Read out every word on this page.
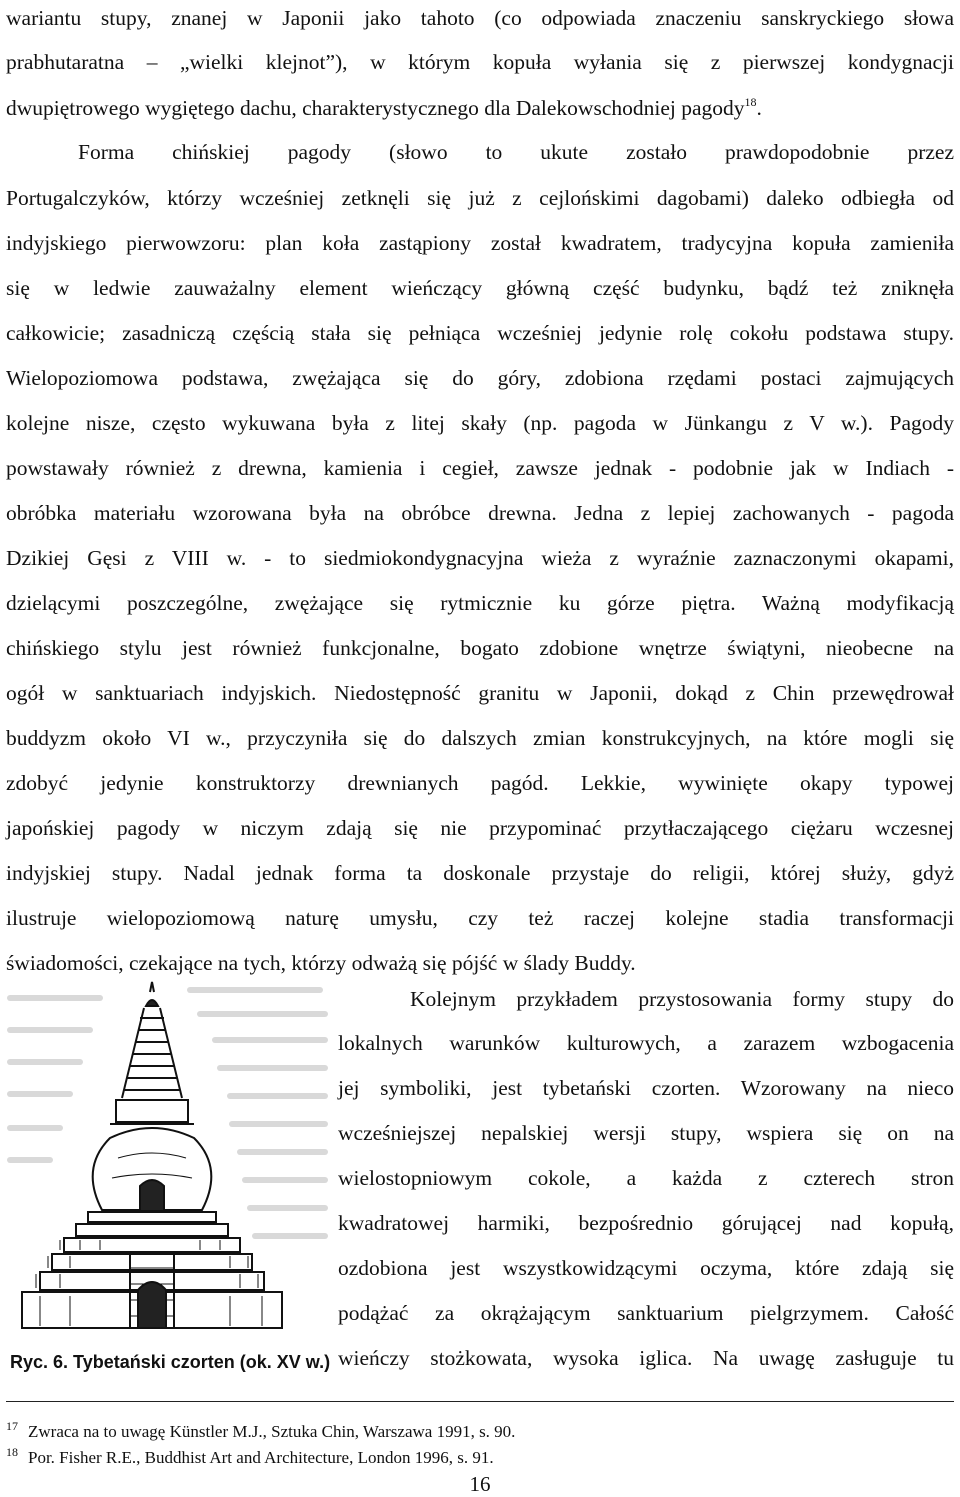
wariantu stupy, znanej w Japonii jako tahoto (co odpowiada znaczeniu sanskryckiego słowa
prabhutaratna – „wielki klejnot”), w którym kopuła wyłania się z pierwszej kondygnacji
dwupiętrowego wygiętego dachu, charakterystycznego dla Dalekowschodniej pagody$^{18}$.
Forma chińskiej pagody (słowo to ukute zostało prawdopodobnie przez
Portugalczyków, którzy wcześniej zetknęli się już z cejlońskimi dagobami) daleko odbiegła od
indyjskiego pierwowzoru: plan koła zastąpiony został kwadratem, tradycyjna kopuła zamieniła
się w ledwie zauważalny element wieńczący główną część budynku, bądź też zniknęła
całkowicie; zasadniczą częścią stała się pełniąca wcześniej jedynie rolę cokołu podstawa stupy.
Wielopoziomowa podstawa, zwężająca się do góry, zdobiona rzędami postaci zajmujących
kolejne nisze, często wykuwana była z litej skały (np. pagoda w Jünkangu z V w.). Pagody
powstawały również z drewna, kamienia i cegieł, zawsze jednak - podobnie jak w Indiach -
obróbka materiału wzorowana była na obróbce drewna. Jedna z lepiej zachowanych - pagoda
Dzikiej Gęsi z VIII w. - to siedmiokondygnacyjna wieża z wyraźnie zaznaczonymi okapami,
dzielącymi poszczególne, zwężające się rytmicznie ku górze piętra. Ważną modyfikacją
chińskiego stylu jest również funkcjonalne, bogato zdobione wnętrze świątyni, nieobecne na
ogół w sanktuariach indyjskich. Niedostępność granitu w Japonii, dokąd z Chin przewędrował
buddyzm około VI w., przyczyniła się do dalszych zmian konstrukcyjnych, na które mogli się
zdobyć jedynie konstruktorzy drewnianych pagód. Lekkie, wywinięte okapy typowej
japońskiej pagody w niczym zdają się nie przypominać przytłaczającego ciężaru wczesnej
indyjskiej stupy. Nadal jednak forma ta doskonale przystaje do religii, której służy, gdyż
ilustruje wielopoziomową naturę umysłu, czy też raczej kolejne stadia transformacji
świadomości, czekające na tych, którzy odważą się pójść w ślady Buddy.
Ryc. 6. Tybetański czorten (ok. XV w.)
Kolejnym przykładem przystosowania formy stupy do
lokalnych warunków kulturowych, a zarazem wzbogacenia
jej symboliki, jest tybetański czorten. Wzorowany na nieco
wcześniejszej nepalskiej wersji stupy, wspiera się on na
wielostopniowym cokole, a każda z czterech stron
kwadratowej harmiki, bezpośrednio górującej nad kopułą,
ozdobiona jest wszystkowidzącymi oczyma, które zdają się
podążać za okrążającym sanktuarium pielgrzymem. Całość
wieńczy stożkowata, wysoka iglica. Na uwagę zasługuje tu
17 Zwraca na to uwagę Künstler M.J., Sztuka Chin, Warszawa 1991, s. 90.
18 Por. Fisher R.E., Buddhist Art and Architecture, London 1996, s. 91.
16
